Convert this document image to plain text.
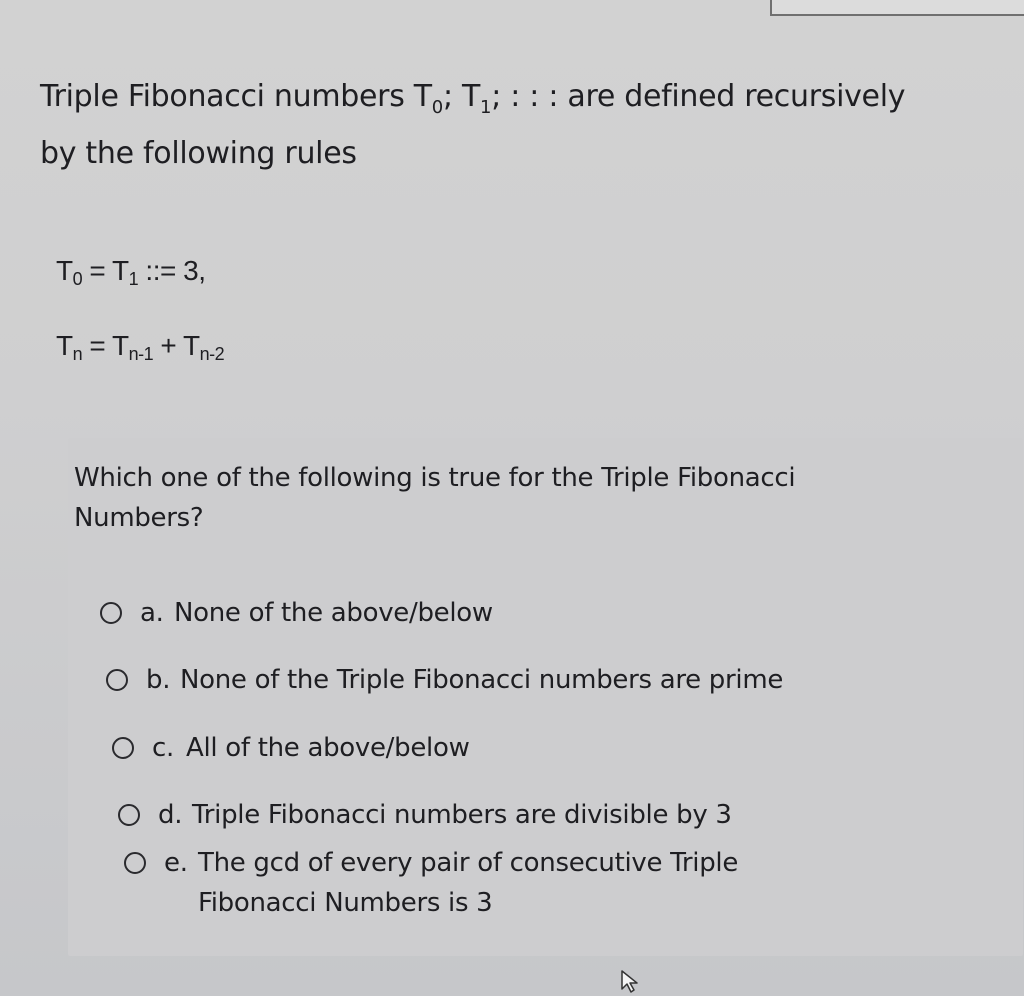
Triple Fibonacci numbers $T_0$; $T_1$; : : : are defined recursively
by the following rules
$T_0 = T_1$ ::= 3,
$T_n = T_{n-1} + T_{n-2}$
Which one of the following is true for the Triple Fibonacci
Numbers?
a. None of the above/below
b. None of the Triple Fibonacci numbers are prime
c. All of the above/below
d. Triple Fibonacci numbers are divisible by 3
e. The gcd of every pair of consecutive Triple Fibonacci Numbers is 3
